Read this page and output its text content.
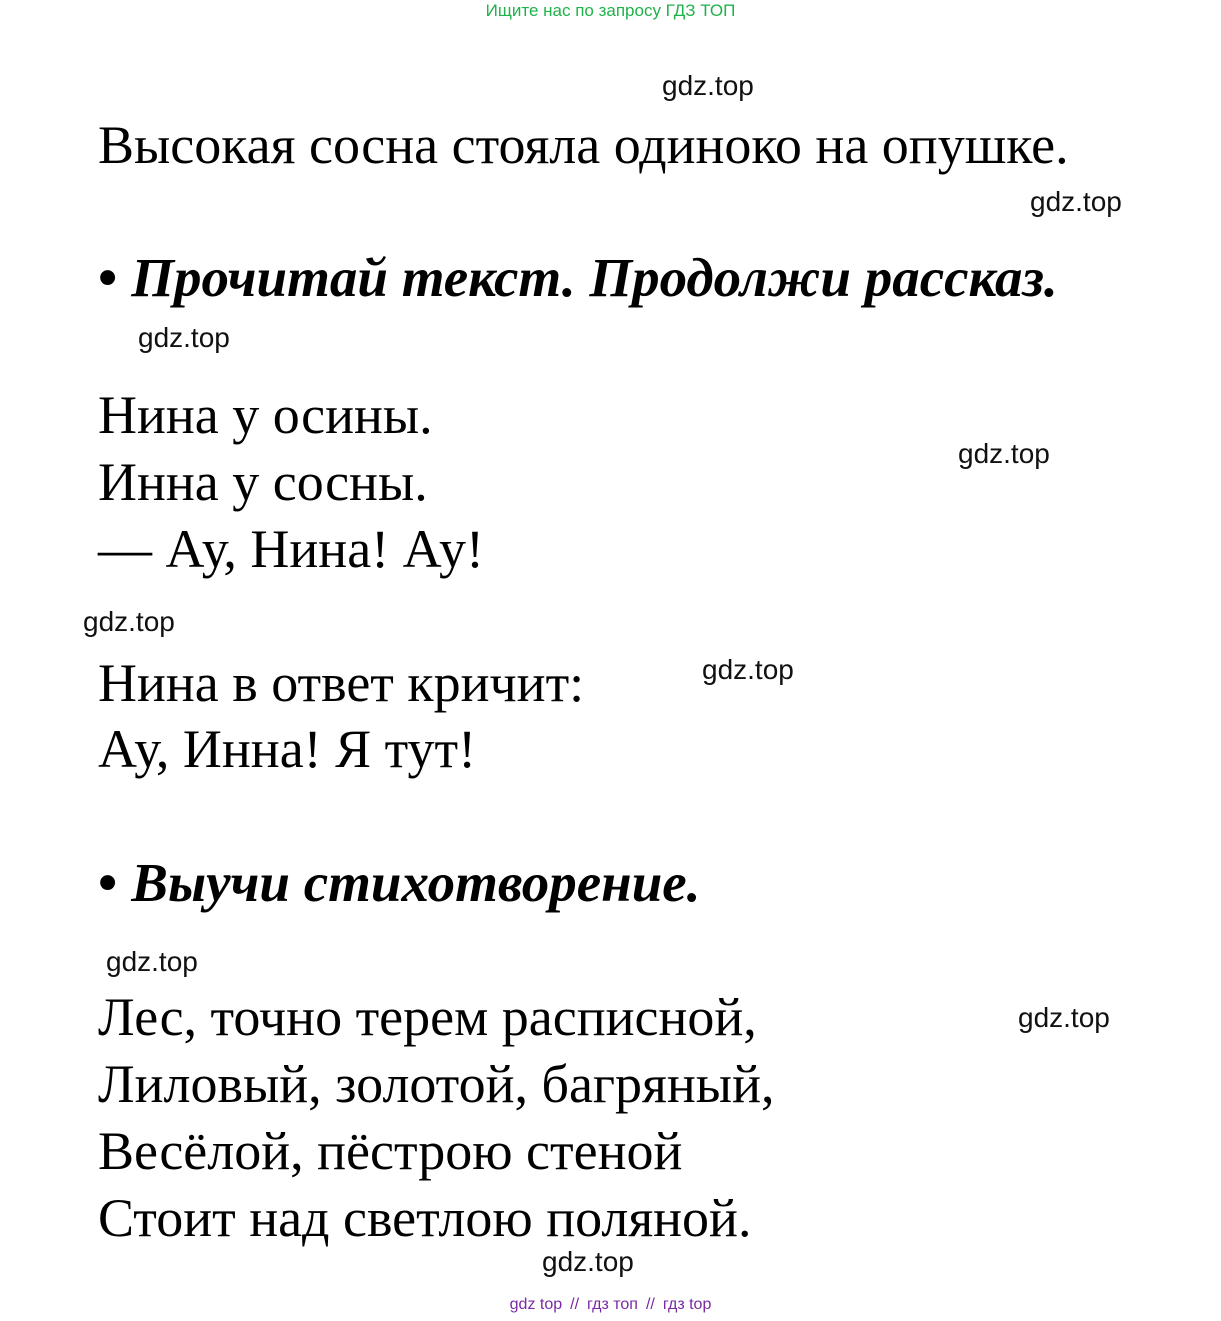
Ищите нас по запросу ГДЗ ТОП
gdz.top
Высокая сосна стояла одиноко на опушке.
gdz.top
• Прочитай текст. Продолжи рассказ.
gdz.top
Нина у осины.
gdz.top
Инна у сосны.
— Ау, Нина! Ау!
gdz.top
Нина в ответ кричит:	gdz.top
Ау, Инна! Я тут!
• Выучи стихотворение.
gdz.top
Лес, точно терем расписной,	gdz.top
Лиловый, золотой, багряный,
Весёлой, пёстрою стеной
Стоит над светлою поляной.
gdz.top
gdz top // гдз топ // гдз top
